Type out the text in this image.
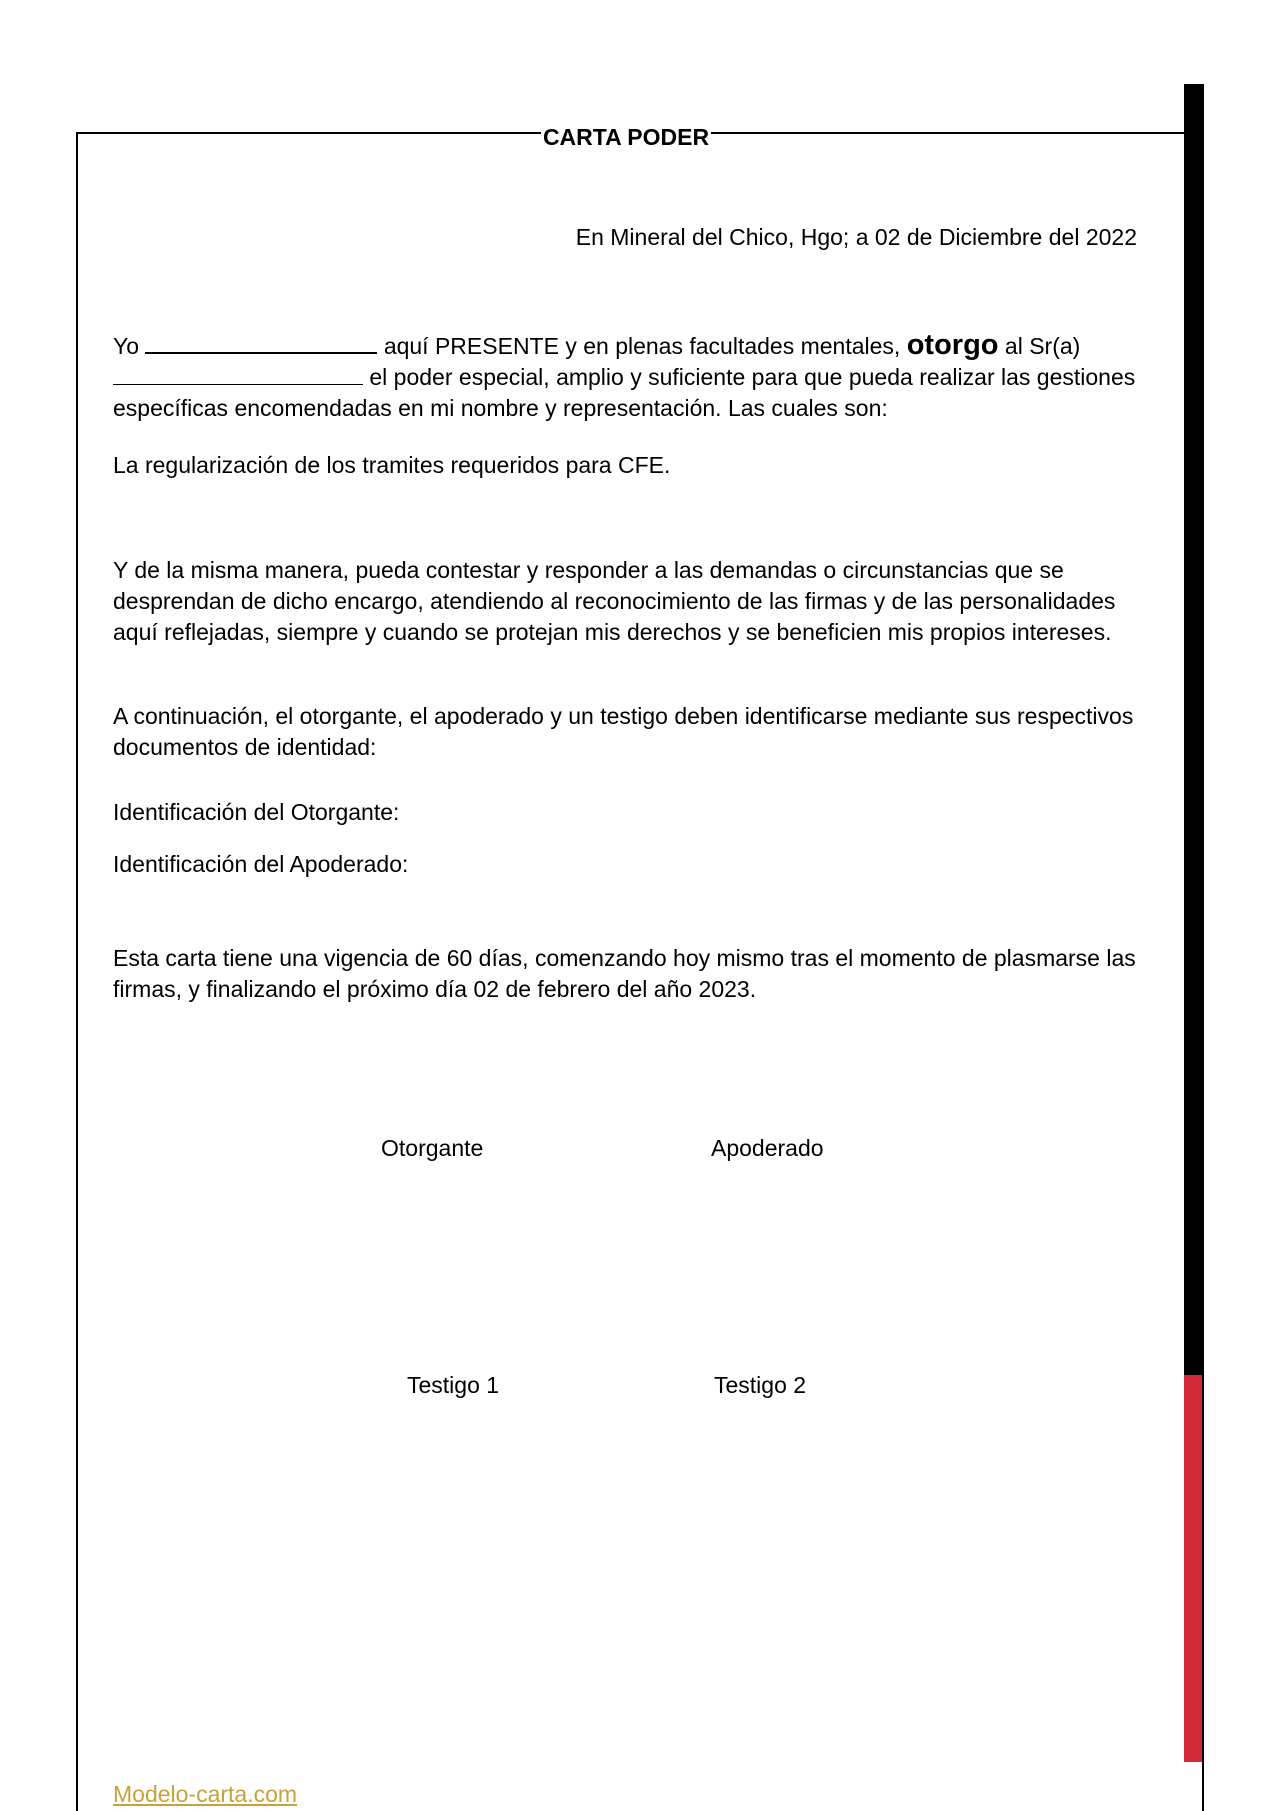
CARTA PODER
En Mineral del Chico, Hgo; a 02 de Diciembre del 2022
Yo	aquí PRESENTE y en plenas facultades mentales, otorgo al Sr(a)
el poder especial, amplio y suficiente para que pueda realizar las gestiones específicas encomendadas en mi nombre y representación. Las cuales son:
La regularización de los tramites requeridos para CFE.
Y de la misma manera, pueda contestar y responder a las demandas o circunstancias que se desprendan de dicho encargo, atendiendo al reconocimiento de las firmas y de las personalidades aquí reflejadas, siempre y cuando se protejan mis derechos y se beneficien mis propios intereses.
A continuación, el otorgante, el apoderado y un testigo deben identificarse mediante sus respectivos documentos de identidad:
Identificación del Otorgante:
Identificación del Apoderado:
Esta carta tiene una vigencia de 60 días, comenzando hoy mismo tras el momento de plasmarse las firmas, y finalizando el próximo día 02 de febrero del año 2023.
Otorgante	Apoderado
Testigo 1	Testigo 2
Modelo-carta.com
